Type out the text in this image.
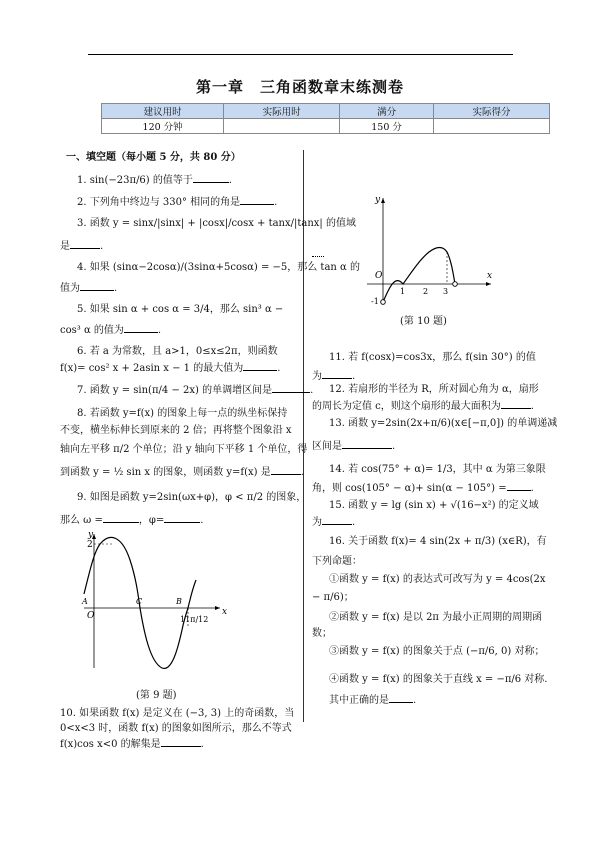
第一章　三角函数章末练测卷
建议用时	实际用时	满分	实际得分
120 分钟		150 分	
一、填空题（每小题 5 分，共 80 分）
1. sin(−23π/6) 的值等于	.
2. 下列角中终边与 330° 相同的角是	.
3. 函数 y = sinx/|sinx| + |cosx|/cosx + tanx/|tanx| 的值域
是	.
4. 如果 (sinα−2cosα)/(3sinα+5cosα) = −5，那么 tan α 的
值为	.
5. 如果 sin α + cos α = 3/4，那么 sin³ α −
cos³ α 的值为	.
6. 若 a 为常数，且 a>1，0≤x≤2π，则函数
f(x)= cos² x + 2asin x − 1 的最大值为	.
7. 函数 y = sin(π/4 − 2x) 的单调增区间是	.
8. 若函数 y=f(x) 的图象上每一点的纵坐标保持
不变，横坐标伸长到原来的 2 倍；再将整个图象沿 x
轴向左平移 π/2 个单位；沿 y 轴向下平移 1 个单位，得
到函数 y = ½ sin x 的图象，则函数 y=f(x) 是	.
9. 如图是函数 y=2sin(ωx+φ)，φ < π/2 的图象，
那么 ω =	，φ=	.
y
x
O
2
A	C	B
11π/12
(第 9 题)
10. 如果函数 f(x) 是定义在 (−3, 3) 上的奇函数，当
0<x<3 时，函数 f(x) 的图象如图所示，那么不等式
f(x)cos x<0 的解集是	.
y
x
O
-1
1 2 3
(第 10 题)
11. 若 f(cosx)=cos3x，那么 f(sin 30°) 的值
为	.
12. 若扇形的半径为 R，所对圆心角为 α，扇形
的周长为定值 c，则这个扇形的最大面积为	.
13. 函数 y=2sin(2x+π/6)(x∈[−π,0]) 的单调递减
区间是	.
14. 若 cos(75° + α)= 1/3，其中 α 为第三象限
角，则 cos(105° − α)+ sin(α − 105°) = .
15. 函数 y = lg (sin x) + √(16−x²) 的定义域
为	.
16. 关于函数 f(x)= 4 sin(2x + π/3) (x∈R)，有
下列命题：
①函数 y = f(x) 的表达式可改写为 y = 4cos(2x
− π/6)；
②函数 y = f(x) 是以 2π 为最小正周期的周期函
数；
③函数 y = f(x) 的图象关于点 (−π/6, 0) 对称；
④函数 y = f(x) 的图象关于直线 x = −π/6 对称.
其中正确的是 .
